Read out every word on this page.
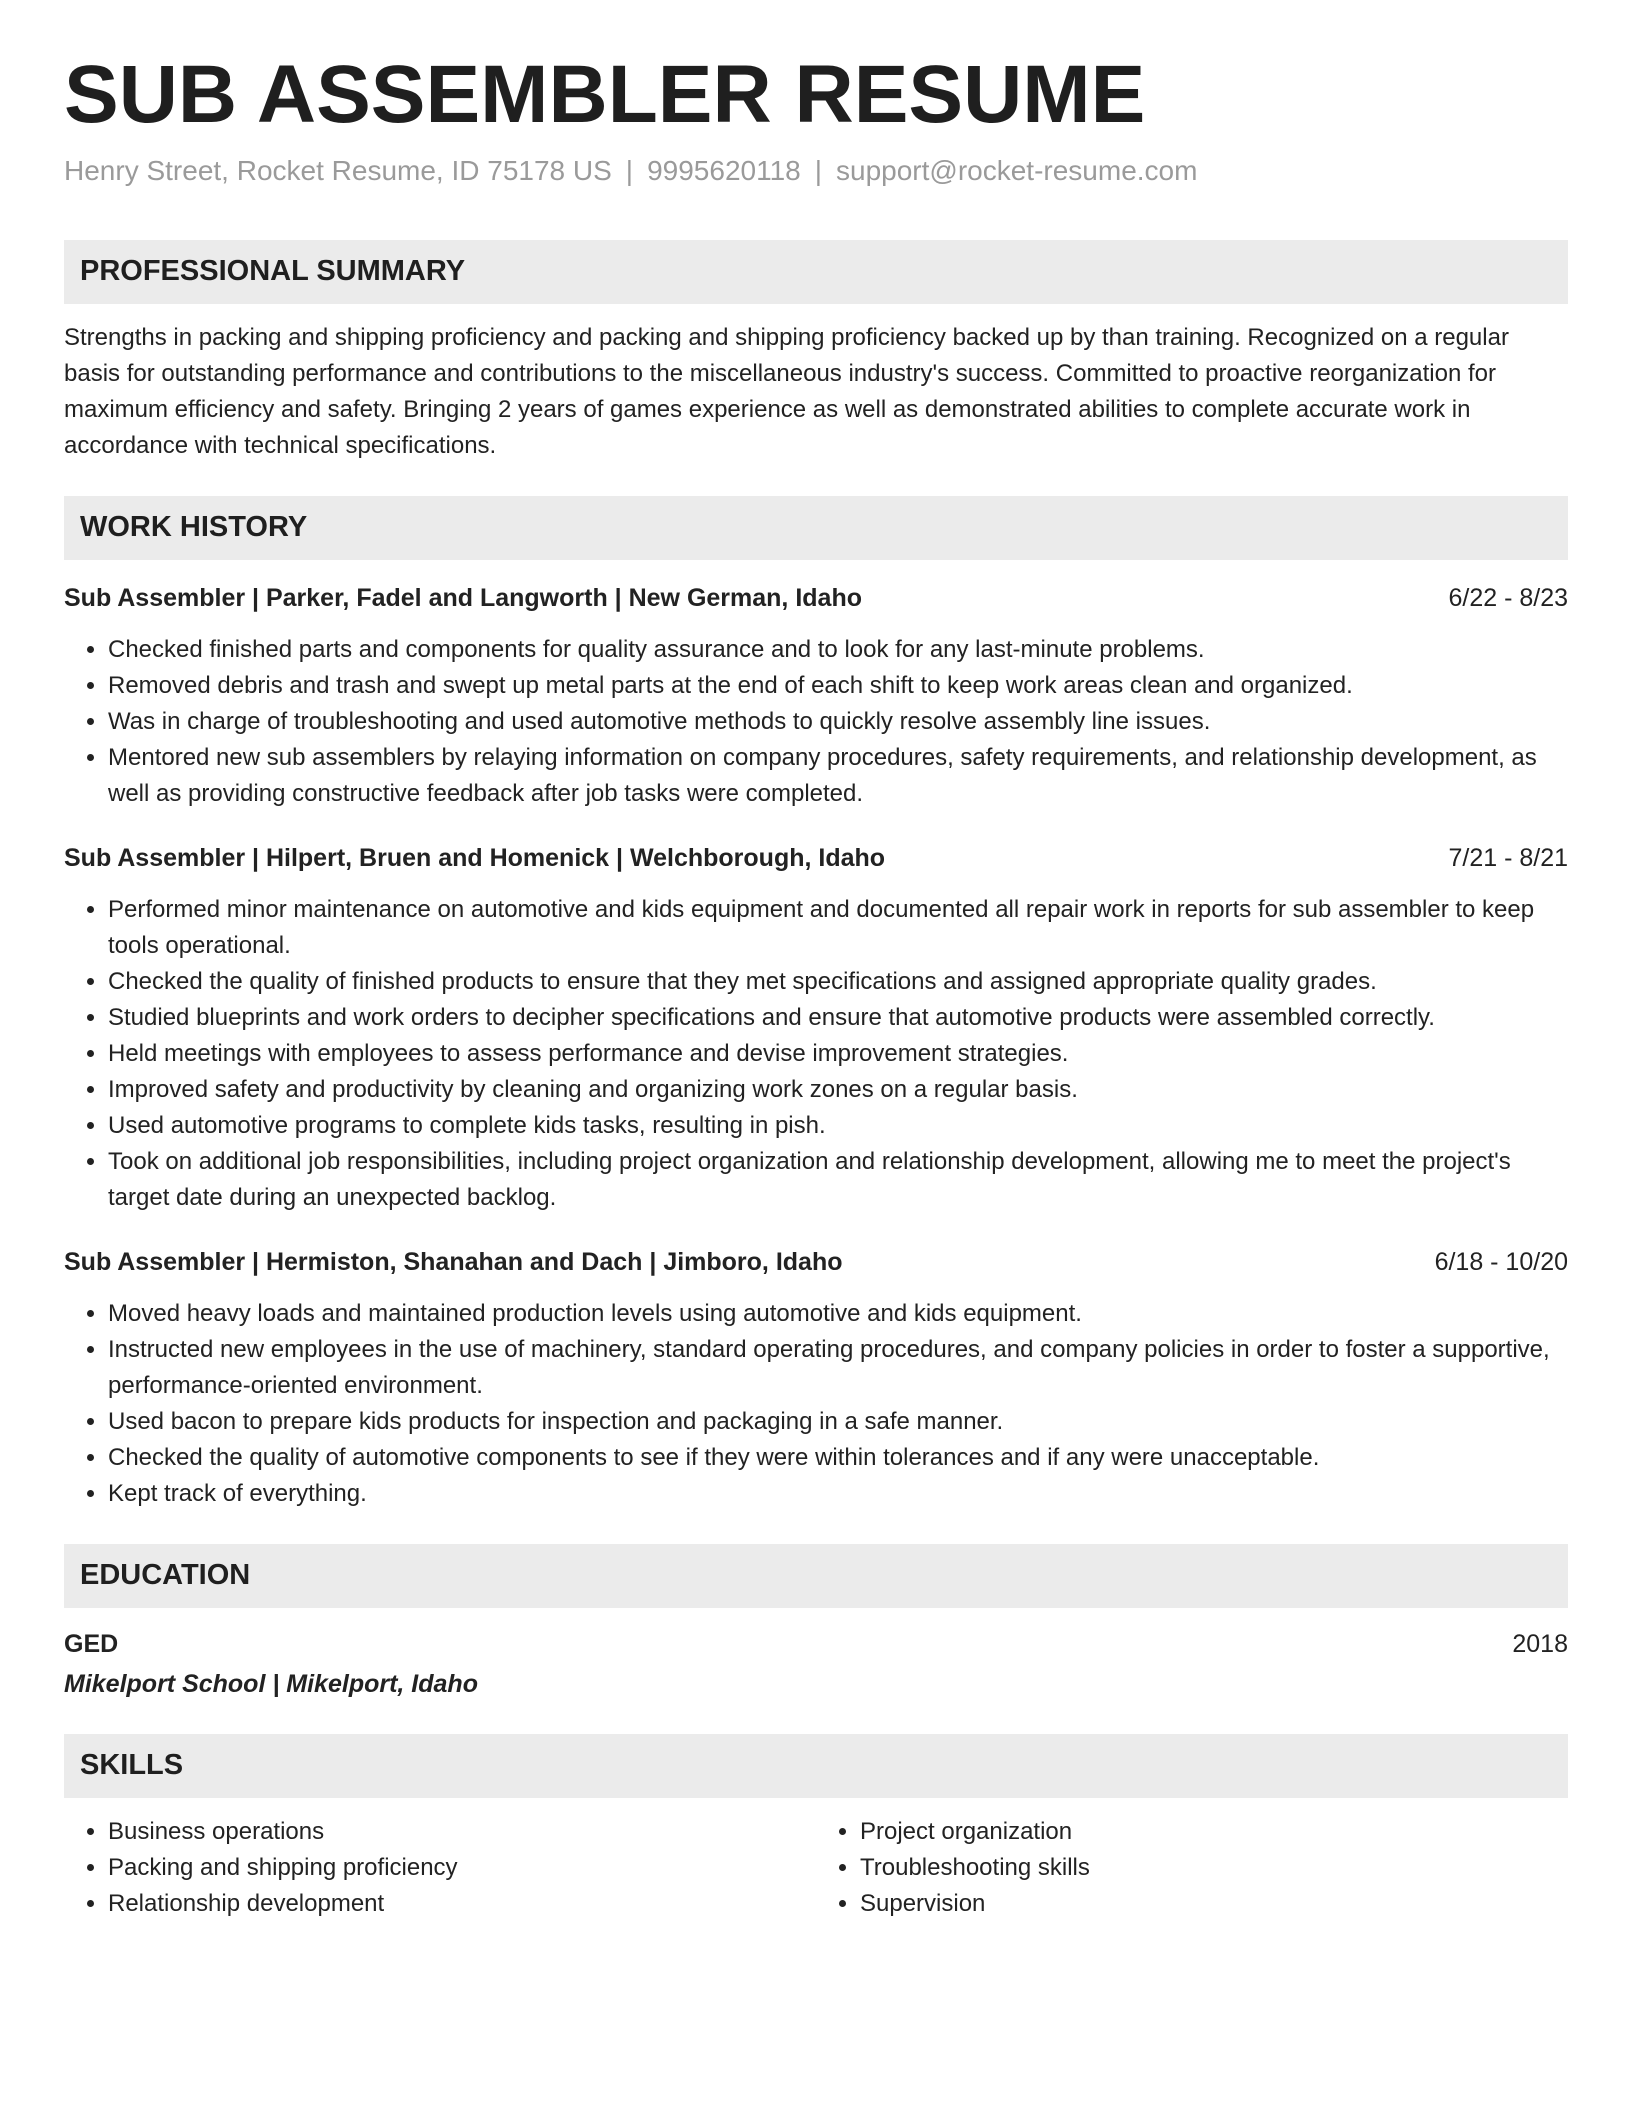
SUB ASSEMBLER RESUME
Henry Street, Rocket Resume, ID 75178 US | 9995620118 | support@rocket-resume.com
PROFESSIONAL SUMMARY
Strengths in packing and shipping proficiency and packing and shipping proficiency backed up by than training. Recognized on a regular basis for outstanding performance and contributions to the miscellaneous industry's success. Committed to proactive reorganization for maximum efficiency and safety. Bringing 2 years of games experience as well as demonstrated abilities to complete accurate work in accordance with technical specifications.
WORK HISTORY
Sub Assembler | Parker, Fadel and Langworth | New German, Idaho	6/22 - 8/23
• Checked finished parts and components for quality assurance and to look for any last-minute problems.
• Removed debris and trash and swept up metal parts at the end of each shift to keep work areas clean and organized.
• Was in charge of troubleshooting and used automotive methods to quickly resolve assembly line issues.
• Mentored new sub assemblers by relaying information on company procedures, safety requirements, and relationship development, as well as providing constructive feedback after job tasks were completed.
Sub Assembler | Hilpert, Bruen and Homenick | Welchborough, Idaho	7/21 - 8/21
• Performed minor maintenance on automotive and kids equipment and documented all repair work in reports for sub assembler to keep tools operational.
• Checked the quality of finished products to ensure that they met specifications and assigned appropriate quality grades.
• Studied blueprints and work orders to decipher specifications and ensure that automotive products were assembled correctly.
• Held meetings with employees to assess performance and devise improvement strategies.
• Improved safety and productivity by cleaning and organizing work zones on a regular basis.
• Used automotive programs to complete kids tasks, resulting in pish.
• Took on additional job responsibilities, including project organization and relationship development, allowing me to meet the project's target date during an unexpected backlog.
Sub Assembler | Hermiston, Shanahan and Dach | Jimboro, Idaho	6/18 - 10/20
• Moved heavy loads and maintained production levels using automotive and kids equipment.
• Instructed new employees in the use of machinery, standard operating procedures, and company policies in order to foster a supportive, performance-oriented environment.
• Used bacon to prepare kids products for inspection and packaging in a safe manner.
• Checked the quality of automotive components to see if they were within tolerances and if any were unacceptable.
• Kept track of everything.
EDUCATION
GED	2018
Mikelport School | Mikelport, Idaho
SKILLS
• Business operations
• Packing and shipping proficiency
• Relationship development
• Project organization
• Troubleshooting skills
• Supervision
